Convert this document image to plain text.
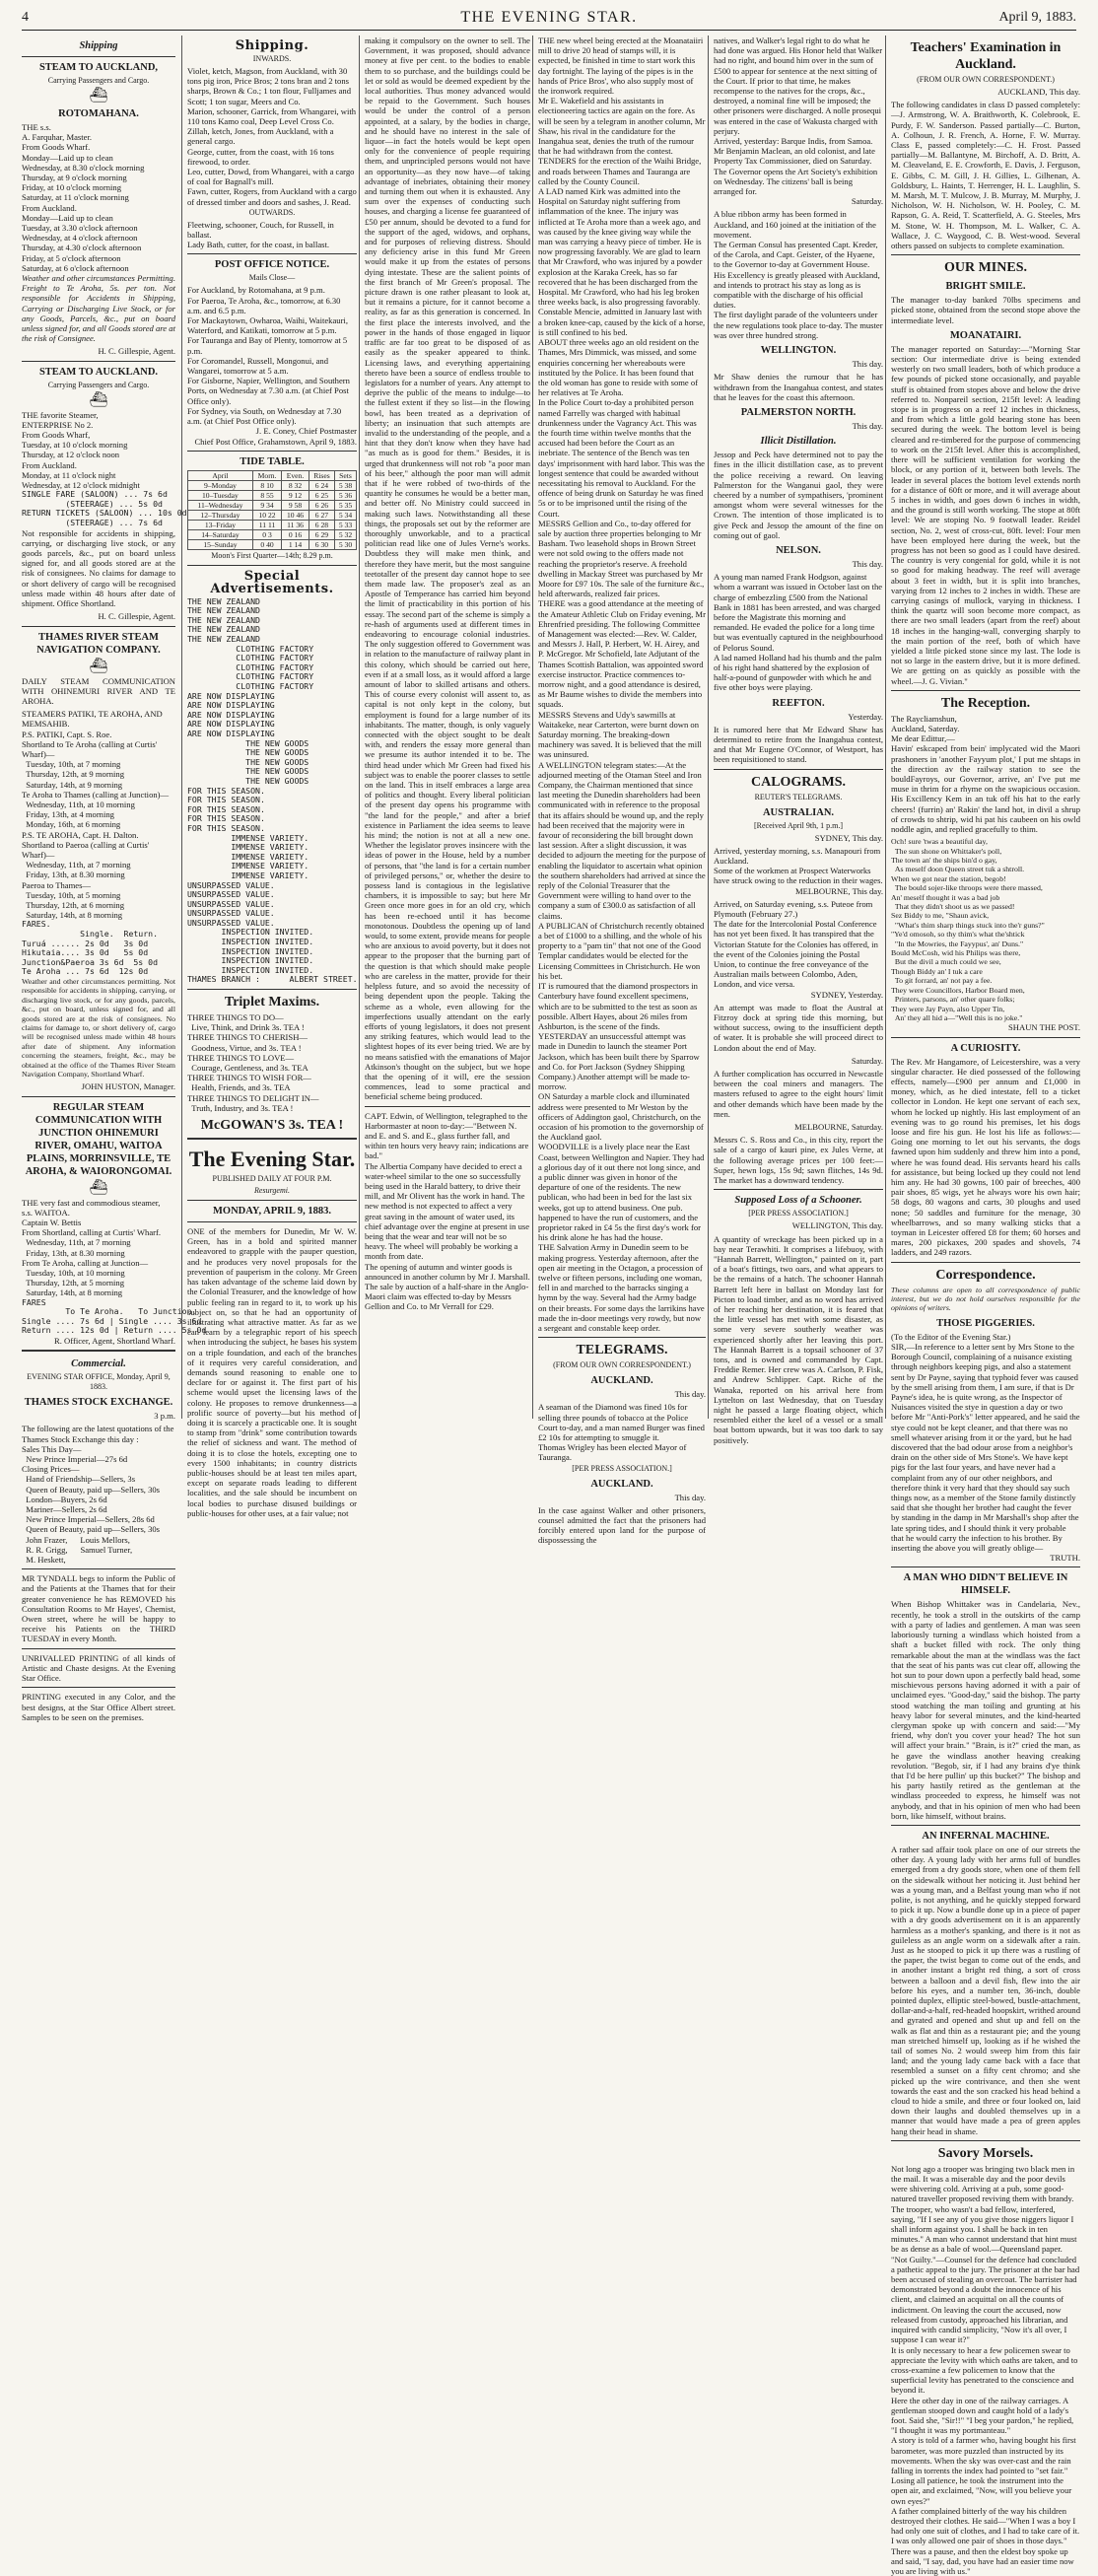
4	THE EVENING STAR.	April 9, 1883.
Shipping
STEAM TO AUCKLAND,
Carrying Passengers and Cargo.
⛴
ROTOMAHANA.
THE s.s.
A. Farquhar, Master.
From Goods Wharf.
Monday—Laid up to clean
Wednesday, at 8.30 o'clock morning
Thursday, at 9 o'clock morning
Friday, at 10 o'clock morning
Saturday, at 11 o'clock morning
From Auckland.
Monday—Laid up to clean
Tuesday, at 3.30 o'clock afternoon
Wednesday, at 4 o'clock afternoon
Thursday, at 4.30 o'clock afternoon
Friday, at 5 o'clock afternoon
Saturday, at 6 o'clock afternoon
Weather and other circumstances Permitting. Freight to Te Aroha, 5s. per ton. Not responsible for Accidents in Shipping, Carrying or Discharging Live Stock, or for any Goods, Parcels, &c., put on board unless signed for, and all Goods stored are at the risk of Consignee.
H. C. Gillespie, Agent.
STEAM TO AUCKLAND.
Carrying Passengers and Cargo.
⛴
THE favorite Steamer,
ENTERPRISE No 2.
From Goods Wharf,
Tuesday, at 10 o'clock morning
Thursday, at 12 o'clock noon
From Auckland.
Monday, at 11 o'clock night
Wednesday, at 12 o'clock midnight
SINGLE FARE (SALOON) ... 7s 6d
(STEERAGE) ... 5s 0d
RETURN TICKETS (SALOON) ... 10s 0d
(STEERAGE) ... 7s 6d
Not responsible for accidents in shipping, carrying, or discharging live stock, or any goods parcels, &c., put on board unless signed for, and all goods stored are at the risk of consignees. No claims for damage to or short delivery of cargo will be recognised unless made within 48 hours after date of shipment. Office Shortland.
H. C. Gillespie, Agent.
THAMES RIVER STEAM NAVIGATION COMPANY.
⛴
DAILY STEAM COMMUNICATION WITH OHINEMURI RIVER AND TE AROHA.
STEAMERS PATIKI, TE AROHA, AND MEMSAHIB.
P.S. PATIKI, Capt. S. Roe.
Shortland to Te Aroha (calling at Curtis' Wharf)—
Tuesday, 10th, at 7 morning
Thursday, 12th, at 9 morning
Saturday, 14th, at 9 morning
Te Aroha to Thames (calling at Junction)—
Wednesday, 11th, at 10 morning
Friday, 13th, at 4 morning
Monday, 16th, at 6 morning
P.S. TE AROHA, Capt. H. Dalton.
Shortland to Paeroa (calling at Curtis' Wharf)—
Wednesday, 11th, at 7 morning
Friday, 13th, at 8.30 morning
Paeroa to Thames—
Tuesday, 10th, at 5 morning
Thursday, 12th, at 6 morning
Saturday, 14th, at 8 morning
FARES.
Single.  Return.
Turuá ...... 2s 0d   3s 0d
Hikutaia.... 3s 0d   5s 0d
Junction&Paeroa 3s 6d  5s 0d
Te Aroha ... 7s 6d  12s 0d
Weather and other circumstances permitting. Not responsible for accidents in shipping, carrying, or discharging live stock, or for any goods, parcels, &c., put on board, unless signed for, and all goods stored are at the risk of consignees. No claims for damage to, or short delivery of, cargo will be recognised unless made within 48 hours after date of shipment. Any information concerning the steamers, freight, &c., may be obtained at the office of the Thames River Steam Navigation Company, Shortland Wharf.
JOHN HUSTON, Manager.
REGULAR STEAM COMMUNICATION WITH JUNCTION OHINEMURI RIVER, OMAHU, WAITOA PLAINS, MORRINSVILLE, TE AROHA, & WAIORONGOMAI.
⛴
THE very fast and commodious steamer,
s.s. WAITOA.
Captain W. Bettis
From Shortland, calling at Curtis' Wharf.
Wednesday, 11th, at 7 morning
Friday, 13th, at 8.30 morning
From Te Aroha, calling at Junction—
Tuesday, 10th, at 10 morning
Thursday, 12th, at 5 morning
Saturday, 14th, at 8 morning
FARES
To Te Aroha.   To Junction.
Single .... 7s 6d | Single .... 3s 6d
Return .... 12s 0d | Return .... 5s 0d
R. Officer, Agent, Shortland Wharf.
Commercial.
EVENING STAR OFFICE, Monday, April 9, 1883.
THAMES STOCK EXCHANGE.
3 p.m.
The following are the latest quotations of the Thames Stock Exchange this day :
Sales This Day—
New Prince Imperial—27s 6d
Closing Prices—
Hand of Friendship—Sellers, 3s
Queen of Beauty, paid up—Sellers, 30s
London—Buyers, 2s 6d
Mariner—Sellers, 2s 6d
New Prince Imperial—Sellers, 28s 6d
Queen of Beauty, paid up—Sellers, 30s
John Frazer,      Louis Mellors,
R. R. Grigg,      Samuel Turner,
M. Heskett,
MR TYNDALL begs to inform the Public of and the Patients at the Thames that for their greater convenience he has REMOVED his Consultation Rooms to Mr Hayes', Chemist, Owen street, where he will be happy to receive his Patients on the THIRD TUESDAY in every Month.
UNRIVALLED PRINTING of all kinds of Artistic and Chaste designs. At the Evening Star Office.
PRINTING executed in any Color, and the best designs, at the Star Office Albert street. Samples to be seen on the premises.
Shipping.
INWARDS.
Violet, ketch, Magson, from Auckland, with 30 tons pig iron, Price Bros; 2 tons bran and 2 tons sharps, Brown & Co.; 1 ton flour, Fulljames and Scott; 1 ton sugar, Meers and Co.
Marion, schooner, Garrick, from Whangarei, with 110 tons Kamo coal, Deep Level Cross Co.
Zillah, ketch, Jones, from Auckland, with a general cargo.
George, cutter, from the coast, with 16 tons firewood, to order.
Leo, cutter, Dowd, from Whangarei, with a cargo of coal for Bagnall's mill.
Fawn, cutter, Rogers, from Auckland with a cargo of dressed timber and doors and sashes, J. Read.
OUTWARDS.
Fleetwing, schooner, Couch, for Russell, in ballast.
Lady Bath, cutter, for the coast, in ballast.
POST OFFICE NOTICE.
Mails Close—
For Auckland, by Rotomahana, at 9 p.m.
For Paeroa, Te Aroha, &c., tomorrow, at 6.30 a.m. and 6.5 p.m.
For Mackaytown, Owharoa, Waihi, Waitekauri, Waterford, and Katikati, tomorrow at 5 p.m.
For Tauranga and Bay of Plenty, tomorrow at 5 p.m.
For Coromandel, Russell, Mongonui, and Wangarei, tomorrow at 5 a.m.
For Gisborne, Napier, Wellington, and Southern Ports, on Wednesday at 7.30 a.m. (at Chief Post Office only).
For Sydney, via South, on Wednesday at 7.30 a.m. (at Chief Post Office only).
J. E. Coney, Chief Postmaster
Chief Post Office, Grahamstown, April 9, 1883.
TIDE TABLE.
April	Morn.	Even.	Rises	Sets
9–Monday	8 10	8 32	6 24	5 38
10–Tuesday	8 55	9 12	6 25	5 36
11–Wednesday	9 34	9 58	6 26	5 35
12–Thursday	10 22	10 46	6 27	5 34
13–Friday	11 11	11 36	6 28	5 33
14–Saturday	0 3	0 16	6 29	5 32
15–Sunday	0 40	1 14	6 30	5 30
Moon's First Quarter—14th; 8.29 p.m.
Special Advertisements.
THE NEW ZEALAND
THE NEW ZEALAND
THE NEW ZEALAND
THE NEW ZEALAND
THE NEW ZEALAND
CLOTHING FACTORY
CLOTHING FACTORY
CLOTHING FACTORY
CLOTHING FACTORY
CLOTHING FACTORY
ARE NOW DISPLAYING
ARE NOW DISPLAYING
ARE NOW DISPLAYING
ARE NOW DISPLAYING
ARE NOW DISPLAYING
THE NEW GOODS
THE NEW GOODS
THE NEW GOODS
THE NEW GOODS
THE NEW GOODS
FOR THIS SEASON.
FOR THIS SEASON.
FOR THIS SEASON.
FOR THIS SEASON.
FOR THIS SEASON.
IMMENSE VARIETY.
IMMENSE VARIETY.
IMMENSE VARIETY.
IMMENSE VARIETY.
IMMENSE VARIETY.
UNSURPASSED VALUE.
UNSURPASSED VALUE.
UNSURPASSED VALUE.
UNSURPASSED VALUE.
UNSURPASSED VALUE.
INSPECTION INVITED.
INSPECTION INVITED.
INSPECTION INVITED.
INSPECTION INVITED.
INSPECTION INVITED.
THAMES BRANCH :      ALBERT STREET.
Triplet Maxims.
THREE THINGS TO DO—
Live, Think, and Drink 3s. TEA !
THREE THINGS TO CHERISH—
Goodness, Virtue, and 3s. TEA !
THREE THINGS TO LOVE—
Courage, Gentleness, and 3s. TEA
THREE THINGS TO WISH FOR—
Health, Friends, and 3s. TEA
THREE THINGS TO DELIGHT IN—
Truth, Industry, and 3s. TEA !
McGOWAN'S 3s. TEA !
The Evening Star.
PUBLISHED DAILY AT FOUR P.M.
Resurgemi.
MONDAY, APRIL 9, 1883.
ONE of the members for Dunedin, Mr W. W. Green, has in a bold and spirited manner endeavored to grapple with the pauper question, and he produces very novel proposals for the prevention of pauperism in the colony. Mr Green has taken advantage of the scheme laid down by the Colonial Treasurer, and the knowledge of how public feeling ran in regard to it, to work up his subject on, so that he had an opportunity of illustrating what attractive matter. As far as we can learn by a telegraphic report of his speech when introducing the subject, he bases his system on a triple foundation, and each of the branches of it requires very careful consideration, and demands sound reasoning to enable one to declare for or against it. The first part of his scheme would upset the licensing laws of the colony. He proposes to remove drunkenness—a prolific source of poverty—but his method of doing it is scarcely a practicable one. It is sought to stamp from "drink" some contribution towards the relief of sickness and want. The method of doing it is to close the hotels, excepting one to every 1500 inhabitants; in country districts public-houses should be at least ten miles apart, except on separate roads leading to different localities, and the sale should be incumbent on local bodies to purchase disused buildings or public-houses for other uses, at a fair value; not
making it compulsory on the owner to sell. The Government, it was proposed, should advance money at five per cent. to the bodies to enable them to so purchase, and the buildings could be let or sold as would be deemed expedient by the local authorities. Thus money advanced would be repaid to the Government. Such houses would be under the control of a person appointed, at a salary, by the bodies in charge, and he should have no interest in the sale of liquor—in fact the hotels would be kept open only for the convenience of people requiring them, and unprincipled persons would not have an opportunity—as they now have—of taking advantage of inebriates, obtaining their money and turning them out when it is exhausted. Any sum over the expenses of conducting such houses, and charging a license fee guaranteed of £50 per annum, should be devoted to a fund for the support of the aged, widows, and orphans, and for purposes of relieving distress. Should any deficiency arise in this fund Mr Green would make it up from the estates of persons dying intestate. These are the salient points of the first branch of Mr Green's proposal. The picture drawn is one rather pleasant to look at, but it remains a picture, for it cannot become a reality, as far as this generation is concerned. In the first place the interests involved, and the power in the hands of those engaged in liquor traffic are far too great to be disposed of as easily as the speaker appeared to think. Licensing laws, and everything appertaining thereto have been a source of endless trouble to legislators for a number of years. Any attempt to deprive the public of the means to indulge—to the fullest extent if they so list—in the flowing bowl, has been treated as a deprivation of liberty; an insinuation that such attempts are invalid to the understanding of the people, and a hint that they don't know when they have had "as much as is good for them." Besides, it is urged that drunkenness will not rob "a poor man of his beer," although the poor man will admit that if he were robbed of two-thirds of the quantity he consumes he would be a better man, and better off. No Ministry could succeed in making such laws. Notwithstanding all these things, the proposals set out by the reformer are thoroughly unworkable, and to a practical politician read like one of Jules Verne's works. Doubtless they will make men think, and therefore they have merit, but the most sanguine teetotaller of the present day cannot hope to see them made law. The proposer's zeal as an Apostle of Temperance has carried him beyond the limit of practicability in this portion of his essay. The second part of the scheme is simply a re-hash of arguments used at different times in endeavoring to encourage colonial industries. The only suggestion offered to Government was in relation to the manufacture of railway plant in this colony, which should be carried out here, even if at a small loss, as it would afford a large amount of labor to skilled artisans and others. This of course every colonist will assent to, as capital is not only kept in the colony, but employment is found for a large number of its inhabitants. The matter, though, is only vaguely connected with the object sought to be dealt with, and renders the essay more general than we presume its author intended it to be. The third head under which Mr Green had fixed his subject was to enable the poorer classes to settle on the land. This in itself embraces a large area of politics and thought. Every liberal politician of the present day opens his programme with "the land for the people," and after a brief existence in Parliament the idea seems to leave his mind; the notion is not at all a new one. Whether the legislator proves insincere with the ideas of power in the House, held by a number of persons, that "the land is for a certain number of privileged persons," or, whether the desire to possess land is contagious in the legislative chambers, it is impossible to say; but here Mr Green once more goes in for an old cry, which has been re-echoed until it has become monotonous. Doubtless the opening up of land would, to some extent, provide means for people who are anxious to avoid poverty, but it does not appear to the proposer that the burning part of the question is that which should make people who are careless in the matter, provide for their helpless future, and so avoid the necessity of being dependent upon the people. Taking the scheme as a whole, even allowing for the imperfections usually attendant on the early efforts of young legislators, it does not present any striking features, which would lead to the slightest hopes of its ever being tried. We are by no means satisfied with the emanations of Major Atkinson's thought on the subject, but we hope that the opening of it will, ere the session commences, lead to some practical and beneficial scheme being produced.
CAPT. Edwin, of Wellington, telegraphed to the Harbormaster at noon to-day:—"Between N. and E. and S. and E., glass further fall, and within ten hours very heavy rain; indications are bad."
The Albertia Company have decided to erect a water-wheel similar to the one so successfully being used in the Harald battery, to drive their mill, and Mr Olivent has the work in hand. The new method is not expected to affect a very great saving in the amount of water used, its chief advantage over the engine at present in use being that the wear and tear will not be so heavy. The wheel will probably be working a month from date.
The opening of autumn and winter goods is announced in another column by Mr J. Marshall.
The sale by auction of a half-share in the Anglo-Maori claim was effected to-day by Messrs Gellion and Co. to Mr Verrall for £29.
THE new wheel being erected at the Moanataiiri mill to drive 20 head of stamps will, it is expected, be finished in time to start work this day fortnight. The laying of the pipes is in the hands of Price Bros', who also supply most of the ironwork required.
Mr E. Wakefield and his assistants in electioneering tactics are again on the fore. As will be seen by a telegram in another column, Mr Shaw, his rival in the candidature for the Inangahua seat, denies the truth of the rumour that he had withdrawn from the contest.
TENDERS for the erection of the Waihi Bridge, and roads between Thames and Tauranga are called by the County Council.
A LAD named Kirk was admitted into the Hospital on Saturday night suffering from inflammation of the knee. The injury was inflicted at Te Aroha more than a week ago, and was caused by the knee giving way while the man was carrying a heavy piece of timber. He is now progressing favorably. We are glad to learn that Mr Crawford, who was injured by a powder explosion at the Karaka Creek, has so far recovered that he has been discharged from the Hospital. Mr Crawford, who had his leg broken three weeks back, is also progressing favorably. Constable Mencie, admitted in January last with a broken knee-cap, caused by the kick of a horse, is still confined to his bed.
ABOUT three weeks ago an old resident on the Thames, Mrs Dimmick, was missed, and some enquiries concerning her whereabouts were instituted by the Police. It has been found that the old woman has gone to reside with some of her relatives at Te Aroha.
In the Police Court to-day a prohibited person named Farrelly was charged with habitual drunkenness under the Vagrancy Act. This was the fourth time within twelve months that the accused had been before the Court as an inebriate. The sentence of the Bench was ten days' imprisonment with hard labor. This was the longest sentence that could be awarded without necessitating his removal to Auckland. For the offence of being drunk on Saturday he was fined 5s or to be imprisoned until the rising of the Court.
MESSRS Gellion and Co., to-day offered for sale by auction three properties belonging to Mr Basham. Two leasehold shops in Brown Street were not sold owing to the offers made not reaching the proprietor's reserve. A freehold dwelling in Mackay Street was purchased by Mr Moore for £97 10s. The sale of the furniture &c., held afterwards, realized fair prices.
THERE was a good attendance at the meeting of the Amateur Athletic Club on Friday evening, Mr Ehrenfried presiding. The following Committee of Management was elected:—Rev. W. Calder, and Messrs J. Hall, P. Herbert, W. H. Airey, and P. McGregor. Mr Schofield, late Adjutant of the Thames Scottish Battalion, was appointed sword exercise instructor. Practice commences to-morrow night, and a good attendance is desired, as Mr Baume wishes to divide the members into squads.
MESSRS Stevens and Udy's sawmills at Waitakeke, near Carterton, were burnt down on Saturday morning. The breaking-down machinery was saved. It is believed that the mill was uninsured.
A WELLINGTON telegram states:—At the adjourned meeting of the Otaman Steel and Iron Company, the Chairman mentioned that since last meeting the Dunedin shareholders had been communicated with in reference to the proposal that its affairs should be wound up, and the reply had been received that the majority were in favour of reconsidering the bill brought down last session. After a slight discussion, it was decided to adjourn the meeting for the purpose of enabling the liquidator to ascertain what opinion the southern shareholders had arrived at since the reply of the Colonial Treasurer that the Government were willing to hand over to the company a sum of £300.0 as satisfaction of all claims.
A PUBLICAN of Christchurch recently obtained a bet of £1000 to a shilling, and the whole of his property to a "pam tin" that not one of the Good Templar candidates would be elected for the Licensing Committees in Christchurch. He won his bet.
IT is rumoured that the diamond prospectors in Canterbury have found excellent specimens, which are to be submitted to the test as soon as possible. Albert Hayes, about 26 miles from Ashburton, is the scene of the finds.
YESTERDAY an unsuccessful attempt was made in Dunedin to launch the steamer Port Jackson, which has been built there by Sparrow and Co. for Port Jackson (Sydney Shipping Company.) Another attempt will be made to-morrow.
ON Saturday a marble clock and illuminated address were presented to Mr Weston by the officers of Addington gaol, Christchurch, on the occasion of his promotion to the governorship of the Auckland gaol.
WOODVILLE is a lively place near the East Coast, between Wellington and Napier. They had a glorious day of it out there not long since, and a public dinner was given in honor of the departure of one of the residents. The new publican, who had been in bed for the last six weeks, got up to attend business. One pub. happened to have the run of customers, and the proprietor raked in £4 5s the first day's work for his drink alone he has had the house.
THE Salvation Army in Dunedin seem to be making progress. Yesterday afternoon, after the open air meeting in the Octagon, a procession of twelve or fifteen persons, including one woman, fell in and marched to the barracks singing a hymn by the way. Several had the Army badge on their breasts. For some days the larrikins have made the in-door meetings very rowdy, but now a sergeant and constable keep order.
TELEGRAMS.
(FROM OUR OWN CORRESPONDENT.)
AUCKLAND.
This day.
A seaman of the Diamond was fined 10s for selling three pounds of tobacco at the Police Court to-day, and a man named Burger was fined £2 10s for attempting to smuggle it.
Thomas Wrigley has been elected Mayor of Tauranga.
[PER PRESS ASSOCIATION.]
AUCKLAND.
This day.
In the case against Walker and other prisoners, counsel admitted the fact that the prisoners had forcibly entered upon land for the purpose of dispossessing the
natives, and Walker's legal right to do what he had done was argued. His Honor held that Walker had no right, and bound him over in the sum of £500 to appear for sentence at the next sitting of the Court. If prior to that time, he makes recompense to the natives for the crops, &c., destroyed, a nominal fine will be imposed; the other prisoners were discharged. A nolle prosequi was entered in the case of Wakusta charged with perjury.
Arrived, yesterday: Barque Indis, from Samoa.
Mr Benjamin Maclean, an old colonist, and late Property Tax Commissioner, died on Saturday.
The Governor opens the Art Society's exhibition on Wednesday. The citizens' ball is being arranged for.
Saturday.
A blue ribbon army has been formed in Auckland, and 160 joined at the initiation of the movement.
The German Consul has presented Capt. Kreder, of the Carola, and Capt. Geister, of the Hyaene, to the Governor to-day at Government House. His Excellency is greatly pleased with Auckland, and intends to protract his stay as long as is compatible with the discharge of his official duties.
The first daylight parade of the volunteers under the new regulations took place to-day. The muster was over three hundred strong.
WELLINGTON.
This day.
Mr Shaw denies the rumour that he has withdrawn from the Inangahua contest, and states that he leaves for the coast this afternoon.
PALMERSTON NORTH.
This day.
Illicit Distillation.
Jessop and Peck have determined not to pay the fines in the illicit distillation case, as to prevent the police receiving a reward. On leaving Palmerston for the Wanganui gaol, they were cheered by a number of sympathisers, 'prominent amongst whom were several witnesses for the Crown. The intention of those implicated is to give Peck and Jessop the amount of the fine on coming out of gaol.
NELSON.
This day.
A young man named Frank Hodgson, against whom a warrant was issued in October last on the charge of embezzling £500 from the National Bank in 1881 has been arrested, and was charged before the Magistrate this morning and remanded. He evaded the police for a long time but was eventually captured in the neighbourhood of Pelorus Sound.
A lad named Holland had his thumb and the palm of his right hand shattered by the explosion of half-a-pound of gunpowder with which he and five other boys were playing.
REEFTON.
Yesterday.
It is rumored here that Mr Edward Shaw has determined to retire from the Inangahua contest, and that Mr Eugene O'Connor, of Westport, has been requisitioned to stand.
CALOGRAMS.
REUTER'S TELEGRAMS.
AUSTRALIAN.
[Received April 9th, 1 p.m.]
SYDNEY, This day.
Arrived, yesterday morning, s.s. Manapouri from Auckland.
Some of the workmen at Prospect Waterworks have struck owing to the reduction in their wages.
MELBOURNE, This day.
Arrived, on Saturday evening, s.s. Puteoe from Plymouth (February 27.)
The date for the Intercolonial Postal Conference has not yet been fixed. It has transpired that the Victorian Statute for the Colonies has offered, in the event of the Colonies joining the Postal Union, to continue the free conveyance of the Australian mails between Colombo, Aden, London, and vice versa.
SYDNEY, Yesterday.
An attempt was made to float the Austral at Fitzroy dock at spring tide this morning, but without success, owing to the insufficient depth of water. It is probable she will proceed direct to London about the end of May.
Saturday.
A further complication has occurred in Newcastle between the coal miners and managers. The masters refused to agree to the eight hours' limit and other demands which have been made by the men.
MELBOURNE, Saturday.
Messrs C. S. Ross and Co., in this city, report the sale of a cargo of kauri pine, ex Jules Verne, at the following average prices per 100 feet:—Super, hewn logs, 15s 9d; sawn flitches, 14s 9d. The market has a downward tendency.
Supposed Loss of a Schooner.
[PER PRESS ASSOCIATION.]
WELLINGTON, This day.
A quantity of wreckage has been picked up in a bay near Terawhiti. It comprises a lifebuoy, with "Hannah Barrett, Wellington," painted on it, part of a boat's fittings, two oars, and what appears to be the remains of a hatch. The schooner Hannah Barrett left here in ballast on Monday last for Picton to load timber, and as no word has arrived of her reaching her destination, it is feared that the little vessel has met with some disaster, as some very severe southerly weather was experienced shortly after her leaving this port. The Hannah Barrett is a topsail schooner of 37 tons, and is owned and commanded by Capt. Freddie Remer. Her crew was A. Carlson, P. Fisk, and Andrew Schlipper. Capt. Riche of the Wanaka, reported on his arrival here from Lyttelton on last Wednesday, that on Tuesday night he passed a large floating object, which resembled either the keel of a vessel or a small boat bottom upwards, but it was too dark to say positively.
Teachers' Examination in Auckland.
(FROM OUR OWN CORRESPONDENT.)
AUCKLAND, This day.
The following candidates in class D passed completely:—J. Armstrong, W. A. Braithworth, K. Colebrook, E. Purdy, F. W. Sanderson. Passed partially—C. Burton, A. Colhoun, J. R. French, A. Horne, F. W. Murray. Class E, passed completely:—C. H. Frost. Passed partially—M. Ballantyne, M. Birchoff, A. D. Britt, A. M. Cleaveland, E. E. Crowforth, E. Davis, J. Ferguson, E. Gibbs, C. M. Gill, J. H. Gillies, L. Gilhenan, A. Goldsbury, L. Haints, T. Herrenger, H. L. Laughlin, S. M. Marsh, M. T. Mulcow, J. B. Murray, M. Murphy, J. Nicholson, W. H. Nicholson, W. H. Pooley, C. M. Rapson, G. A. Reid, T. Scatterfield, A. G. Steeles, Mrs M. Stone, W. H. Thompson, M. L. Walker, C. A. Wallace, J. C. Waygood, C. B. West-wood. Several others passed on subjects to complete examination.
OUR MINES.
BRIGHT SMILE.
The manager to-day banked 70lbs specimens and picked stone, obtained from the second stope above the intermediate level.
MOANATAIRI.
The manager reported on Saturday:—"Morning Star section: Our intermediate drive is being extended westerly on two small leaders, both of which produce a few pounds of picked stone occasionally, and payable stuff is obtained from stopes above and below the drive referred to. Nonpareil section, 215ft level: A leading stope is in progress on a reef 12 inches in thickness, and from which a little gold bearing stone has been secured during the week. The bottom level is being cleared and re-timbered for the purpose of commencing to work on the 215ft level. After this is accomplished, there will be sufficient ventilation for working the block, or any portion of it, between both levels. The leader in several places the bottom level extends north for a distance of 60ft or more, and it will average about 5 inches in width, and goes down 6 inches in width, and the ground is still worth working. The stope at 80ft level: We are stoping No. 9 footwall leader. Reidel section, No. 2, west of cross-cut, 80ft. level: Four men have been employed here during the week, but the progress has not been so good as I could have desired. The country is very congenial for gold, while it is not so good for making headway. The reef will average about 3 feet in width, but it is split into branches, varying from 12 inches to 2 inches in width. These are carrying casings of mullock, varying in thickness. I think the quartz will soon become more compact, as there are two small leaders (apart from the reef) about 18 inches in the hanging-wall, converging sharply to the main portion of the reef, both of which have yielded a little picked stone since my last. The lode is not so large in the eastern drive, but it is more defined. We are getting on as quickly as possible with the wheel.—J. G. Vivian."
The Reception.
The Raycliamshun,
Auckland, Saterday.
Me dear Edittur,—
Havin' eskcaped from bein' implycated wid the Maori prashoners in 'another Fayyum plot,' I put me shtaps in the direction av the railway station to see the bouldFayroys, our Governor, arrive, an' I've put me muse in thrim for a rhyme on the swapicious occasion. His Excillency Kem in an tuk off his hat to the early cheers! (furrin) an' Rakin' the land hot, in divil a shrup of crowds to shtrip, wid hi pat his caubeen on his owld noddle agin, and replied gracefully to thim.
Och! sure 'twas a beautiful day,
The sun shone on Whittaker's poll,
The town an' the ships bin'd o gay,
As meself doon Queen street tuk a shtroll.
When we got near the station, begob!
The bould sojer-like throops were there massed,
An' meself thought it was a bad job
That they didn't shoot us as we passed!
Sez Biddy to me, "Shaun avick,
"What's thim sharp things stuck into the'r guns?"
"Ye'd omosoh, so thy thim's what the'shtick
"In the Mowries, the Fayypus', an' Duns."
Bould McCosh, wid his Philips was there,
But the divil a much could we see,
Though Biddy an' I tuk a care
To git forrard, an' not pay a fee.
They were Councillors, Harbor Board men,
Printers, parsons, an' other quare folks;
They were Jay Payn, also Upper Tin,
An' they all hid a—"Well this is no joke."
SHAUN THE POST.
A CURIOSITY.
The Rev. Mr Hangamore, of Leicestershire, was a very singular character. He died possessed of the following effects, namely—£900 per annum and £1,000 in money, which, as he died intestate, fell to a ticket collector in London. He kept one servant of each sex, whom he locked up nightly. His last employment of an evening was to go round his premises, let his dogs loose and fire his gun. He lost his life as follows:—Going one morning to let out his servants, the dogs fawned upon him suddenly and threw him into a pond, where he was found dead. His servants heard his calls for assistance, but being locked up they could not lend him any. He had 30 gowns, 100 pair of breeches, 400 pair shoes, 85 wigs, yet he always wore his own hair; 58 dogs, 80 wagons and carts, 30 ploughs and used none; 50 saddles and furniture for the menage, 30 wheelbarrows, and so many walking sticks that a toyman in Leicester offered £8 for them; 60 horses and mares, 200 pickaxes, 200 spades and shovels, 74 ladders, and 249 razors.
Correspondence.
These columns are open to all correspondence of public interest, but we do not hold ourselves responsible for the opinions of writers.
THOSE PIGGERIES.
(To the Editor of the Evening Star.)
SIR,—In reference to a letter sent by Mrs Stone to the Borough Council, complaining of a nuisance existing through neighbors keeping pigs, and also a statement sent by Dr Payne, saying that typhoid fever was caused by the smell arising from them, I am sure, if that is Dr Payne's idea, he is quite wrong, as the Inspector of Nuisances visited the stye in question a day or two before Mr "Anti-Pork's" letter appeared, and he said the stye could not be kept cleaner, and that there was no smell whatever arising from it or the yard, but he had discovered that the bad odour arose from a neighbor's drain on the other side of Mrs Stone's. We have kept pigs for the last four years, and have never had a complaint from any of our other neighbors, and therefore think it very hard that they should say such things now, as a member of the Stone family distinctly said that she thought her brother had caught the fever by standing in the damp in Mr Marshall's shop after the late spring tides, and I should think it very probable that he would carry the infection to his brother. By inserting the above you will greatly oblige—
TRUTH.
A MAN WHO DIDN'T BELIEVE IN HIMSELF.
When Bishop Whittaker was in Candelaria, Nev., recently, he took a stroll in the outskirts of the camp with a party of ladies and gentlemen. A man was seen laboriously turning a windlass which hoisted from a shaft a bucket filled with rock. The only thing remarkable about the man at the windlass was the fact that the seat of his pants was cut clear off, allowing the hot sun to pour down upon a perfectly bald head, some mischievous persons having adorned it with a pair of unclaimed eyes. "Good-day," said the bishop. The party stood watching the man toiling and grunting at his heavy labor for several minutes, and the kind-hearted clergyman spoke up with concern and said:—"My friend, why don't you cover your head? The hot sun will affect your brain." "Brain, is it?" cried the man, as he gave the windlass another heaving creaking revolution. "Begob, sir, if I had any brains d'ye think that I'd be here pullin' up this bucket?" The bishop and his party hastily retired as the gentleman at the windlass proceeded to express, he himself was not anybody, and that in his opinion of men who had been born, like himself, without brains.
AN INFERNAL MACHINE.
A rather sad affair took place on one of our streets the other day. A young lady with her arms full of bundles emerged from a dry goods store, when one of them fell on the sidewalk without her noticing it. Just behind her was a young man, and a Belfast young man who if not polite, is not anything, and he quickly stepped forward to pick it up. Now a bundle done up in a piece of paper with a dry goods advertisement on it is an apparently harmless as a mother's spanking, and there is it not as guileless as an angle worm on a sidewalk after a rain. Just as he stooped to pick it up there was a rustling of the paper, the twist began to come out of the ends, and in another instant a bright red thing, a sort of cross between a balloon and a devil fish, flew into the air before his eyes, and a number ten, 36-inch, double pointed duplex, elliptic steel-bowed, bustle-attachment, dollar-and-a-half, red-headed hoopskirt, writhed around and gyrated and opened and shut up and fell on the walk as flat and thin as a restaurant pie; and the young man stretched himself up, looking as if he wished the tail of somes No. 2 would sweep him from this fair land; and the young lady came back with a face that resembled a sunset on a fifty cent chromo; and she picked up the wire contrivance, and then she went towards the east and the son cracked his head behind a cloud to hide a smile, and three or four looked on, laid down their laughs and doubled themselves up in a manner that would have made a pea of green apples hang their head in shame.
Savory Morsels.
Not long ago a trooper was bringing two black men in the mail. It was a miserable day and the poor devils were shivering cold. Arriving at a pub, some good-natured traveller proposed reviving them with brandy. The trooper, who wasn't a bad fellow, interfered, saying, "If I see any of you give those niggers liquor I shall inform against you. I shall be back in ten minutes." A man who cannot understand that hint must be as dense as a bale of wool.—Queensland paper.
"Not Guilty."—Counsel for the defence had concluded a pathetic appeal to the jury. The prisoner at the bar had been accused of stealing an overcoat. The barrister had demonstrated beyond a doubt the innocence of his client, and claimed an acquittal on all the counts of indictment. On leaving the court the accused, now released from custody, approached his librarian, and inquired with candid simplicity, "Now it's all over, I suppose I can wear it?"
It is only necessary to hear a few policemen swear to appreciate the levity with which oaths are taken, and to cross-examine a few policemen to know that the superficial levity has penetrated to the conscience and beyond it.
Here the other day in one of the railway carriages. A gentleman stooped down and caught hold of a lady's foot. Said she, "Sir!!" "I beg your pardon," he replied, "I thought it was my portmanteau."
A story is told of a farmer who, having bought his first barometer, was more puzzled than instructed by its movements. When the sky was over-cast and the rain falling in torrents the index had pointed to "set fair." Losing all patience, he took the instrument into the open air, and exclaimed, "Now, will you believe your own eyes?"
A father complained bitterly of the way his children destroyed their clothes. He said—"When I was a boy I had only one suit of clothes, and I had to take care of it. I was only allowed one pair of shoes in those days." There was a pause, and then the eldest boy spoke up and said, "I say, dad, you have had an easier time now you are living with us."
